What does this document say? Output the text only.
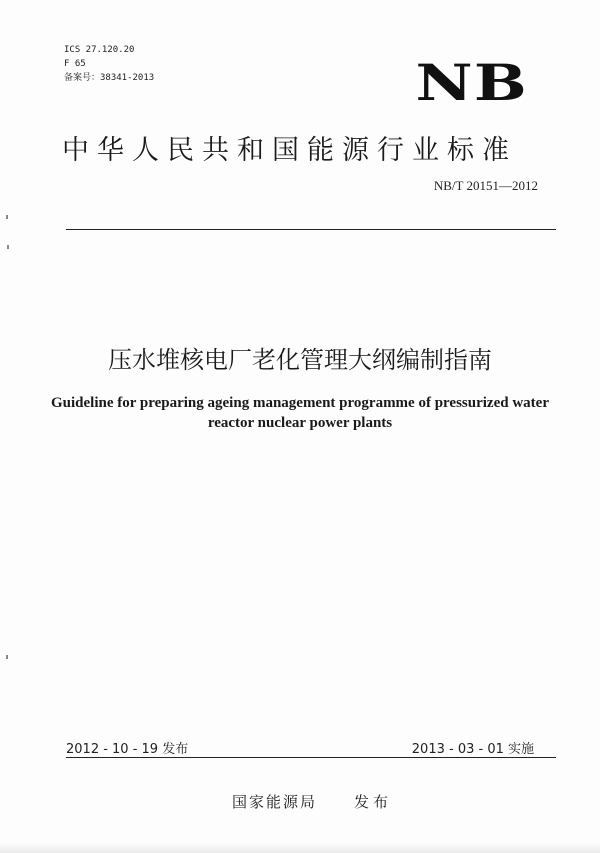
ICS 27.120.20
F 65
备案号：38341-2013	NB
中华人民共和国能源行业标准
NB/T 20151—2012
压水堆核电厂老化管理大纲编制指南
Guideline for preparing ageing management programme of pressurized water
reactor nuclear power plants
2012 - 10 - 19 发布	2013 - 03 - 01 实施
国家能源局 发布
